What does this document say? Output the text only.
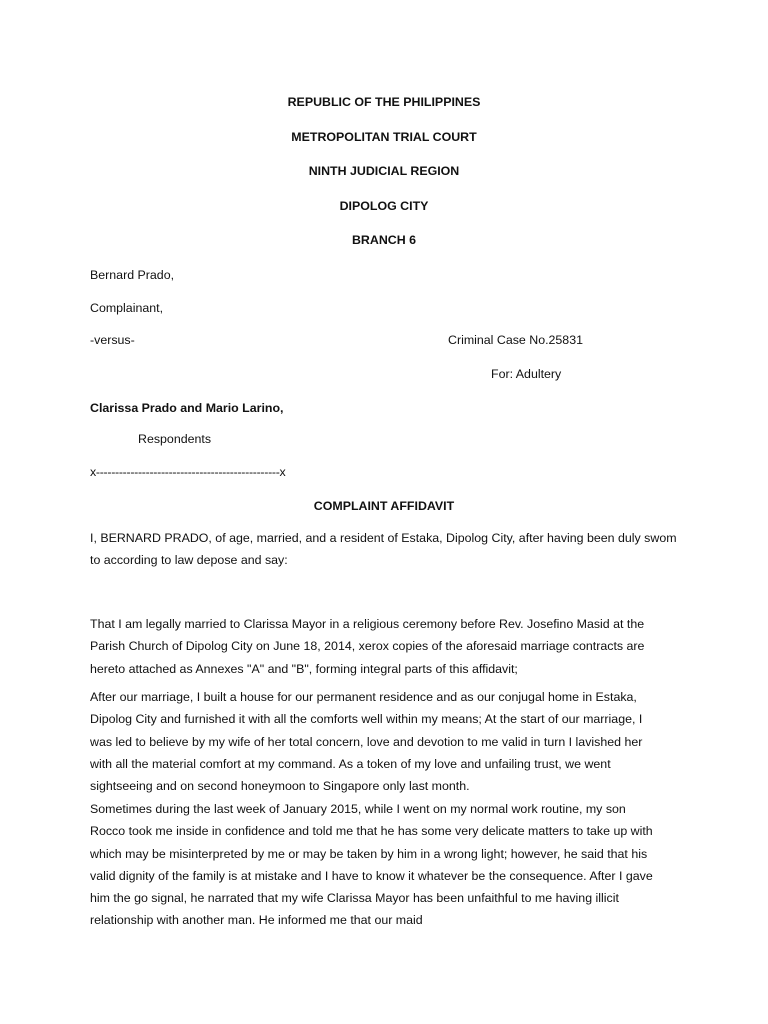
REPUBLIC OF THE PHILIPPINES
METROPOLITAN TRIAL COURT
NINTH JUDICIAL REGION
DIPOLOG CITY
BRANCH 6
Bernard Prado,
Complainant,
-versus-	Criminal Case No.25831
For: Adultery
Clarissa Prado and Mario Larino,
Respondents
x------------------------------------------------x
COMPLAINT AFFIDAVIT
I, BERNARD PRADO, of age, married, and a resident of Estaka, Dipolog City, after having been duly swom
to according to law depose and say:
That I am legally married to Clarissa Mayor in a religious ceremony before Rev. Josefino Masid at the
Parish Church of Dipolog City on June 18, 2014, xerox copies of the aforesaid marriage contracts are
hereto attached as Annexes "A" and "B", forming integral parts of this affidavit;
After our marriage, I built a house for our permanent residence and as our conjugal home in Estaka,
Dipolog City and furnished it with all the comforts well within my means; At the start of our marriage, I
was led to believe by my wife of her total concern, love and devotion to me valid in turn I lavished her
with all the material comfort at my command. As a token of my love and unfailing trust, we went
sightseeing and on second honeymoon to Singapore only last month.
Sometimes during the last week of January 2015, while I went on my normal work routine, my son
Rocco took me inside in confidence and told me that he has some very delicate matters to take up with
which may be misinterpreted by me or may be taken by him in a wrong light; however, he said that his
valid dignity of the family is at mistake and I have to know it whatever be the consequence. After I gave
him the go signal, he narrated that my wife Clarissa Mayor has been unfaithful to me having illicit
relationship with another man. He informed me that our maid
